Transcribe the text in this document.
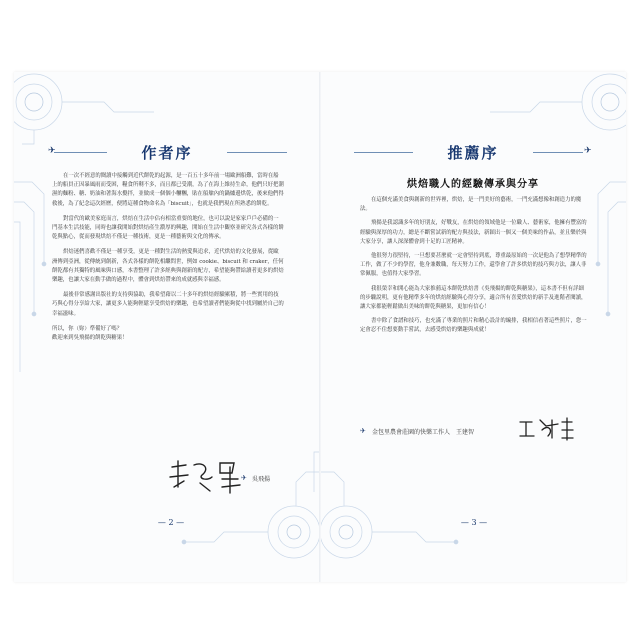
✈	作者序

在一次不經意的閱讀中接觸到近代餅乾的起源，是一百五十多年前一場歐洲船難，當時在船上的船員正因暴風雨而受困，糧食所剩不多，而且都已受潮，為了在海上維持生命，他們只好把潮濕的麵粉、糖、奶油和著海水攪拌，並做成一個個小糰糰，貼在船艙內的鍋爐邊烘乾，後來他們得救後，為了紀念這次經歷，便將這種食物命名為「biscuit」，也就是我們現在所熟悉的餅乾。

對當代的歐美家庭而言，烘焙在生活中佔有相當重要的地位，也可以說是家家戶戶必備的一門基本生活技能，同時也讓我開始對烘焙產生濃厚的興趣，開始在生活中觀察並研究各式各樣的餅乾與點心，從而發現烘焙不僅是一種技術，更是一種藝術與文化的傳承。

烘焙迷們喜歡不僅是一種享受，更是一種對生活的熱愛與追求，近代烘焙的文化發展，從歐洲傳到亞洲，從傳統到創新，各式各樣的餅乾相繼問世，例如 cookie、biscuit 和 craker，任何餅乾都有其獨特的風味與口感，本書整理了許多經典與創新的配方，希望能夠帶給讀者更多的烘焙樂趣，也讓大家在動手做的過程中，體會到烘焙帶來的成就感與幸福感。

最後非常感謝出版社的支持與協助，我希望藉以二十多年的烘焙經驗累積，將一些實用的技巧與心得分享給大家，讓更多人能夠輕鬆享受烘焙的樂趣，也希望讀者們能夠從中找到屬於自己的幸福滋味。

所以，你（妳）準備好了嗎？

歡迎來到吳飛揚的餅乾與糖果！

✈ 吳飛揚
— 2 —
推薦序	✈
烘焙職人的經驗傳承與分享

在這個充滿美食與創新的世界裡，烘焙，是一門美好的藝術，一門充滿想像和創造力的魔法。

飛揚是我認識多年的好朋友，好戰友，在烘焙的領域他是一位職人、藝術家，他擁有豐富的經驗與深厚的功力，總是不斷嘗試新的配方與技法，新穎出一個又一個美味的作品，並且樂於與大家分享，讓人深深體會到十足的工匠精神。

他很努力很堅持，一旦想要甚麼就一定會堅持到底，尊重最原始的一次是他為了想學精準的工作，做了不少的學習，他身兼數職，每天努力工作，還學會了許多烘焙的技巧與方法，讓人非常佩服，也值得大家學習。

我很榮幸和開心能為大家推薦這本餅乾烘焙書《吳飛揚的餅乾與糖果》，這本書不但有詳細的步驟說明，更有他精準多年的烘焙經驗與心得分享，適合所有喜愛烘焙的新手及進階者閱讀，讓大家都能輕鬆做出美味的餅乾與糖果，更加有信心！

書中除了食譜和技巧，也充滿了專業的照片和精心設計的編排，我相信看著這些照片，您一定會忍不住想要動手嘗試，去感受烘焙的樂趣與成就！

✈ 金包里農會莊園的快樂工作人　王建智
— 3 —
